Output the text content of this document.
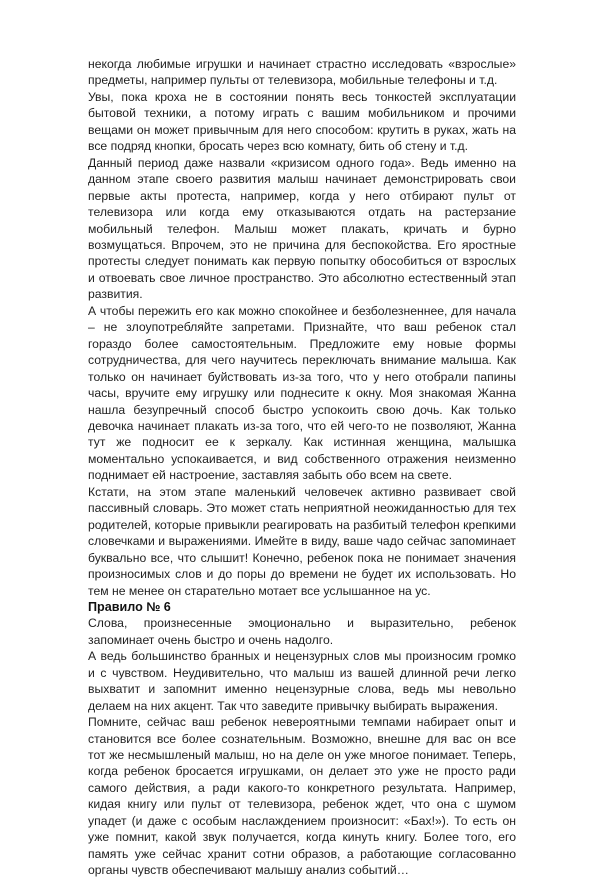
некогда любимые игрушки и начинает страстно исследовать «взрослые» предметы, например пульты от телевизора, мобильные телефоны и т.д.

Увы, пока кроха не в состоянии понять весь тонкостей эксплуатации бытовой техники, а потому играть с вашим мобильником и прочими вещами он может привычным для него способом: крутить в руках, жать на все подряд кнопки, бросать через всю комнату, бить об стену и т.д.

Данный период даже назвали «кризисом одного года». Ведь именно на данном этапе своего развития малыш начинает демонстрировать свои первые акты протеста, например, когда у него отбирают пульт от телевизора или когда ему отказываются отдать на растерзание мобильный телефон. Малыш может плакать, кричать и бурно возмущаться. Впрочем, это не причина для беспокойства. Его яростные протесты следует понимать как первую попытку обособиться от взрослых и отвоевать свое личное пространство. Это абсолютно естественный этап развития.

А чтобы пережить его как можно спокойнее и безболезненнее, для начала – не злоупотребляйте запретами. Признайте, что ваш ребенок стал гораздо более самостоятельным. Предложите ему новые формы сотрудничества, для чего научитесь переключать внимание малыша. Как только он начинает буйствовать из-за того, что у него отобрали папины часы, вручите ему игрушку или поднесите к окну. Моя знакомая Жанна нашла безупречный способ быстро успокоить свою дочь. Как только девочка начинает плакать из-за того, что ей чего-то не позволяют, Жанна тут же подносит ее к зеркалу. Как истинная женщина, малышка моментально успокаивается, и вид собственного отражения неизменно поднимает ей настроение, заставляя забыть обо всем на свете.

Кстати, на этом этапе маленький человечек активно развивает свой пассивный словарь. Это может стать неприятной неожиданностью для тех родителей, которые привыкли реагировать на разбитый телефон крепкими словечками и выражениями. Имейте в виду, ваше чадо сейчас запоминает буквально все, что слышит! Конечно, ребенок пока не понимает значения произносимых слов и до поры до времени не будет их использовать. Но тем не менее он старательно мотает все услышанное на ус.

Правило № 6

Слова, произнесенные эмоционально и выразительно, ребенок запоминает очень быстро и очень надолго.

А ведь большинство бранных и нецензурных слов мы произносим громко и с чувством. Неудивительно, что малыш из вашей длинной речи легко выхватит и запомнит именно нецензурные слова, ведь мы невольно делаем на них акцент. Так что заведите привычку выбирать выражения.

Помните, сейчас ваш ребенок невероятными темпами набирает опыт и становится все более сознательным. Возможно, внешне для вас он все тот же несмышленый малыш, но на деле он уже многое понимает. Теперь, когда ребенок бросается игрушками, он делает это уже не просто ради самого действия, а ради какого-то конкретного результата. Например, кидая книгу или пульт от телевизора, ребенок ждет, что она с шумом упадет (и даже с особым наслаждением произносит: «Бах!»). То есть он уже помнит, какой звук получается, когда кинуть книгу. Более того, его память уже сейчас хранит сотни образов, а работающие согласованно органы чувств обеспечивают малышу анализ событий…
